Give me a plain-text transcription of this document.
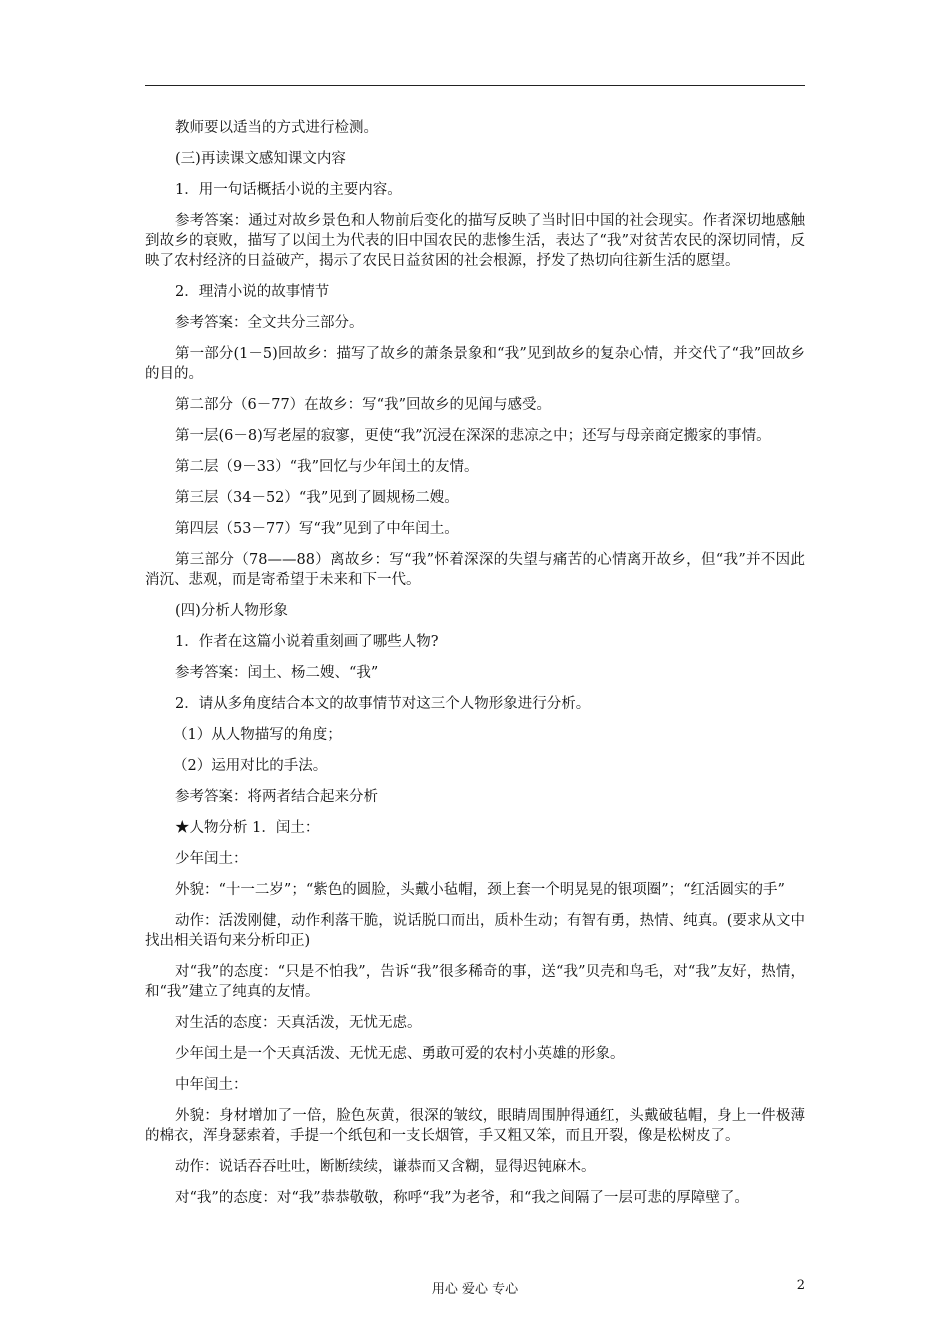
教师要以适当的方式进行检测。

(三)再读课文感知课文内容

1．用一句话概括小说的主要内容。

参考答案：通过对故乡景色和人物前后变化的描写反映了当时旧中国的社会现实。作者深切地感触到故乡的衰败，描写了以闰土为代表的旧中国农民的悲惨生活，表达了“我”对贫苦农民的深切同情，反映了农村经济的日益破产，揭示了农民日益贫困的社会根源，抒发了热切向往新生活的愿望。

2．理清小说的故事情节

参考答案：全文共分三部分。

第一部分(1－5)回故乡：描写了故乡的萧条景象和“我”见到故乡的复杂心情，并交代了“我”回故乡的目的。

第二部分（6－77）在故乡：写“我”回故乡的见闻与感受。

第一层(6－8)写老屋的寂寥，更使“我”沉浸在深深的悲凉之中；还写与母亲商定搬家的事情。

第二层（9－33）“我”回忆与少年闰土的友情。

第三层（34－52）“我”见到了圆规杨二嫂。

第四层（53－77）写“我”见到了中年闰土。

第三部分（78——88）离故乡：写“我”怀着深深的失望与痛苦的心情离开故乡，但“我”并不因此消沉、悲观，而是寄希望于未来和下一代。

(四)分析人物形象

1．作者在这篇小说着重刻画了哪些人物?

参考答案：闰土、杨二嫂、“我”

2．请从多角度结合本文的故事情节对这三个人物形象进行分析。

（1）从人物描写的角度；

（2）运用对比的手法。

参考答案：将两者结合起来分析

★人物分析 1．闰土：

少年闰土：

外貌：“十一二岁”；“紫色的圆脸，头戴小毡帽，颈上套一个明晃晃的银项圈”；“红活圆实的手”

动作：活泼刚健，动作利落干脆，说话脱口而出，质朴生动；有智有勇，热情、纯真。(要求从文中找出相关语句来分析印正)

对“我”的态度：“只是不怕我”，告诉“我”很多稀奇的事，送“我”贝壳和鸟毛，对“我”友好，热情，和“我”建立了纯真的友情。

对生活的态度：天真活泼，无忧无虑。

少年闰土是一个天真活泼、无忧无虑、勇敢可爱的农村小英雄的形象。

中年闰土：

外貌：身材增加了一倍，脸色灰黄，很深的皱纹，眼睛周围肿得通红，头戴破毡帽，身上一件极薄的棉衣，浑身瑟索着，手提一个纸包和一支长烟管，手又粗又笨，而且开裂，像是松树皮了。

动作：说话吞吞吐吐，断断续续，谦恭而又含糊，显得迟钝麻木。

对“我”的态度：对“我”恭恭敬敬，称呼“我”为老爷，和“我之间隔了一层可悲的厚障壁了。

用心 爱心 专心	2
